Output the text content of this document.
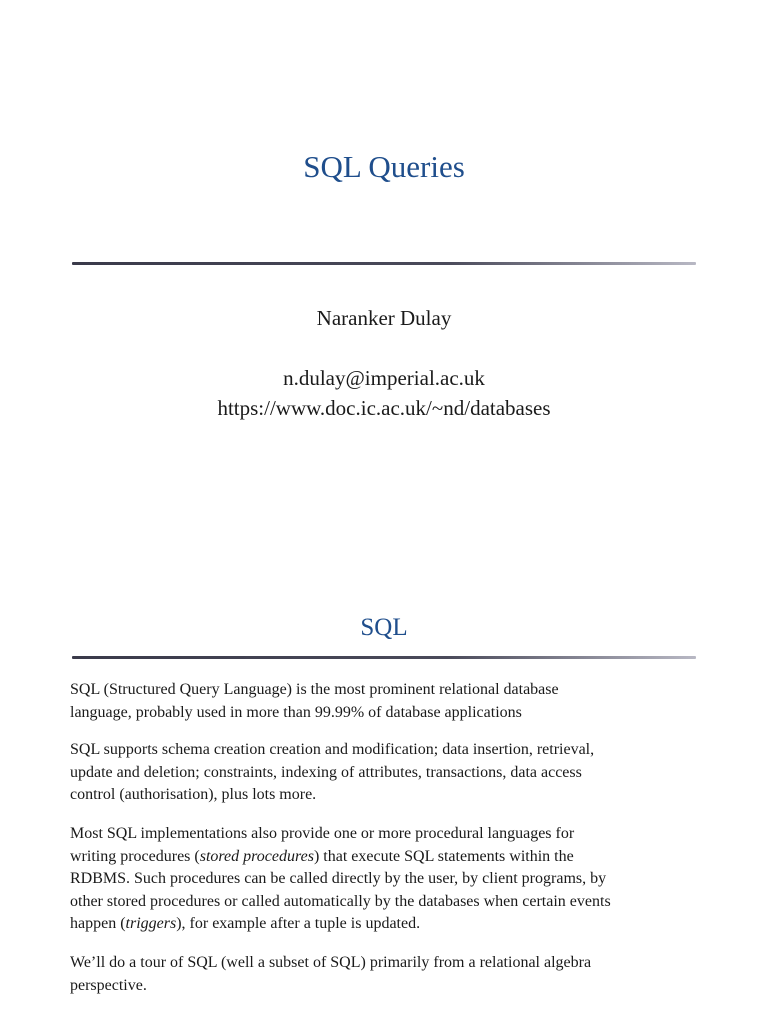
SQL Queries

Naranker Dulay

n.dulay@imperial.ac.uk

https://www.doc.ic.ac.uk/~nd/databases

SQL

SQL (Structured Query Language) is the most prominent relational database
language, probably used in more than 99.99% of database applications

SQL supports schema creation creation and modification; data insertion, retrieval,
update and deletion; constraints, indexing of attributes, transactions, data access
control (authorisation), plus lots more.

Most SQL implementations also provide one or more procedural languages for
writing procedures (stored procedures) that execute SQL statements within the
RDBMS. Such procedures can be called directly by the user, by client programs, by
other stored procedures or called automatically by the databases when certain events
happen (triggers), for example after a tuple is updated.

We’ll do a tour of SQL (well a subset of SQL) primarily from a relational algebra
perspective.
